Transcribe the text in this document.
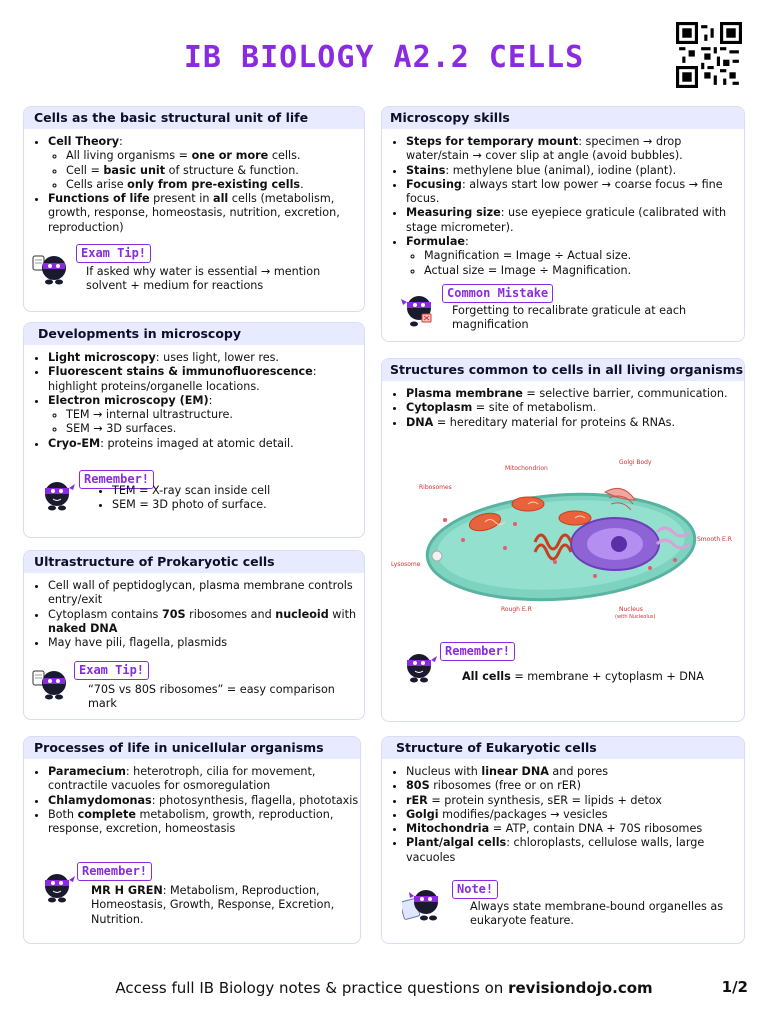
IB BIOLOGY A2.2 CELLS
Cells as the basic structural unit of life
• Cell Theory:
◦ All living organisms = one or more cells.
◦ Cell = basic unit of structure & function.
◦ Cells arise only from pre-existing cells.
• Functions of life present in all cells (metabolism, growth, response, homeostasis, nutrition, excretion, reproduction)
Exam Tip!
If asked why water is essential → mention solvent + medium for reactions
Developments in microscopy
• Light microscopy: uses light, lower res.
• Fluorescent stains & immunofluorescence: highlight proteins/organelle locations.
• Electron microscopy (EM):
◦ TEM → internal ultrastructure.
◦ SEM → 3D surfaces.
• Cryo-EM: proteins imaged at atomic detail.
Remember!
• TEM = X-ray scan inside cell
• SEM = 3D photo of surface.
Ultrastructure of Prokaryotic cells
• Cell wall of peptidoglycan, plasma membrane controls entry/exit
• Cytoplasm contains 70S ribosomes and nucleoid with naked DNA
• May have pili, flagella, plasmids
Exam Tip!
“70S vs 80S ribosomes” = easy comparison mark
Processes of life in unicellular organisms
• Paramecium: heterotroph, cilia for movement, contractile vacuoles for osmoregulation
• Chlamydomonas: photosynthesis, flagella, phototaxis
• Both complete metabolism, growth, reproduction, response, excretion, homeostasis
Remember!
MR H GREN: Metabolism, Reproduction, Homeostasis, Growth, Response, Excretion, Nutrition.
Microscopy skills
• Steps for temporary mount: specimen → drop water/stain → cover slip at angle (avoid bubbles).
• Stains: methylene blue (animal), iodine (plant).
• Focusing: always start low power → coarse focus → fine focus.
• Measuring size: use eyepiece graticule (calibrated with stage micrometer).
• Formulae:
◦ Magnification = Image ÷ Actual size.
◦ Actual size = Image ÷ Magnification.
Common Mistake
Forgetting to recalibrate graticule at each magnification
Structures common to cells in all living organisms
• Plasma membrane = selective barrier, communication.
• Cytoplasm = site of metabolism.
• DNA = hereditary material for proteins & RNAs.
Mitochondrion
Golgi Body
Ribosomes
Smooth E.R
Lysosome
Rough E.R	Nucleus
(with Nucleolus)
Remember!
All cells = membrane + cytoplasm + DNA
Structure of Eukaryotic cells
• Nucleus with linear DNA and pores
• 80S ribosomes (free or on rER)
• rER = protein synthesis, sER = lipids + detox
• Golgi modifies/packages → vesicles
• Mitochondria = ATP, contain DNA + 70S ribosomes
• Plant/algal cells: chloroplasts, cellulose walls, large vacuoles
Note!
Always state membrane-bound organelles as eukaryote feature.
Access full IB Biology notes & practice questions on revisiondojo.com	1/2
